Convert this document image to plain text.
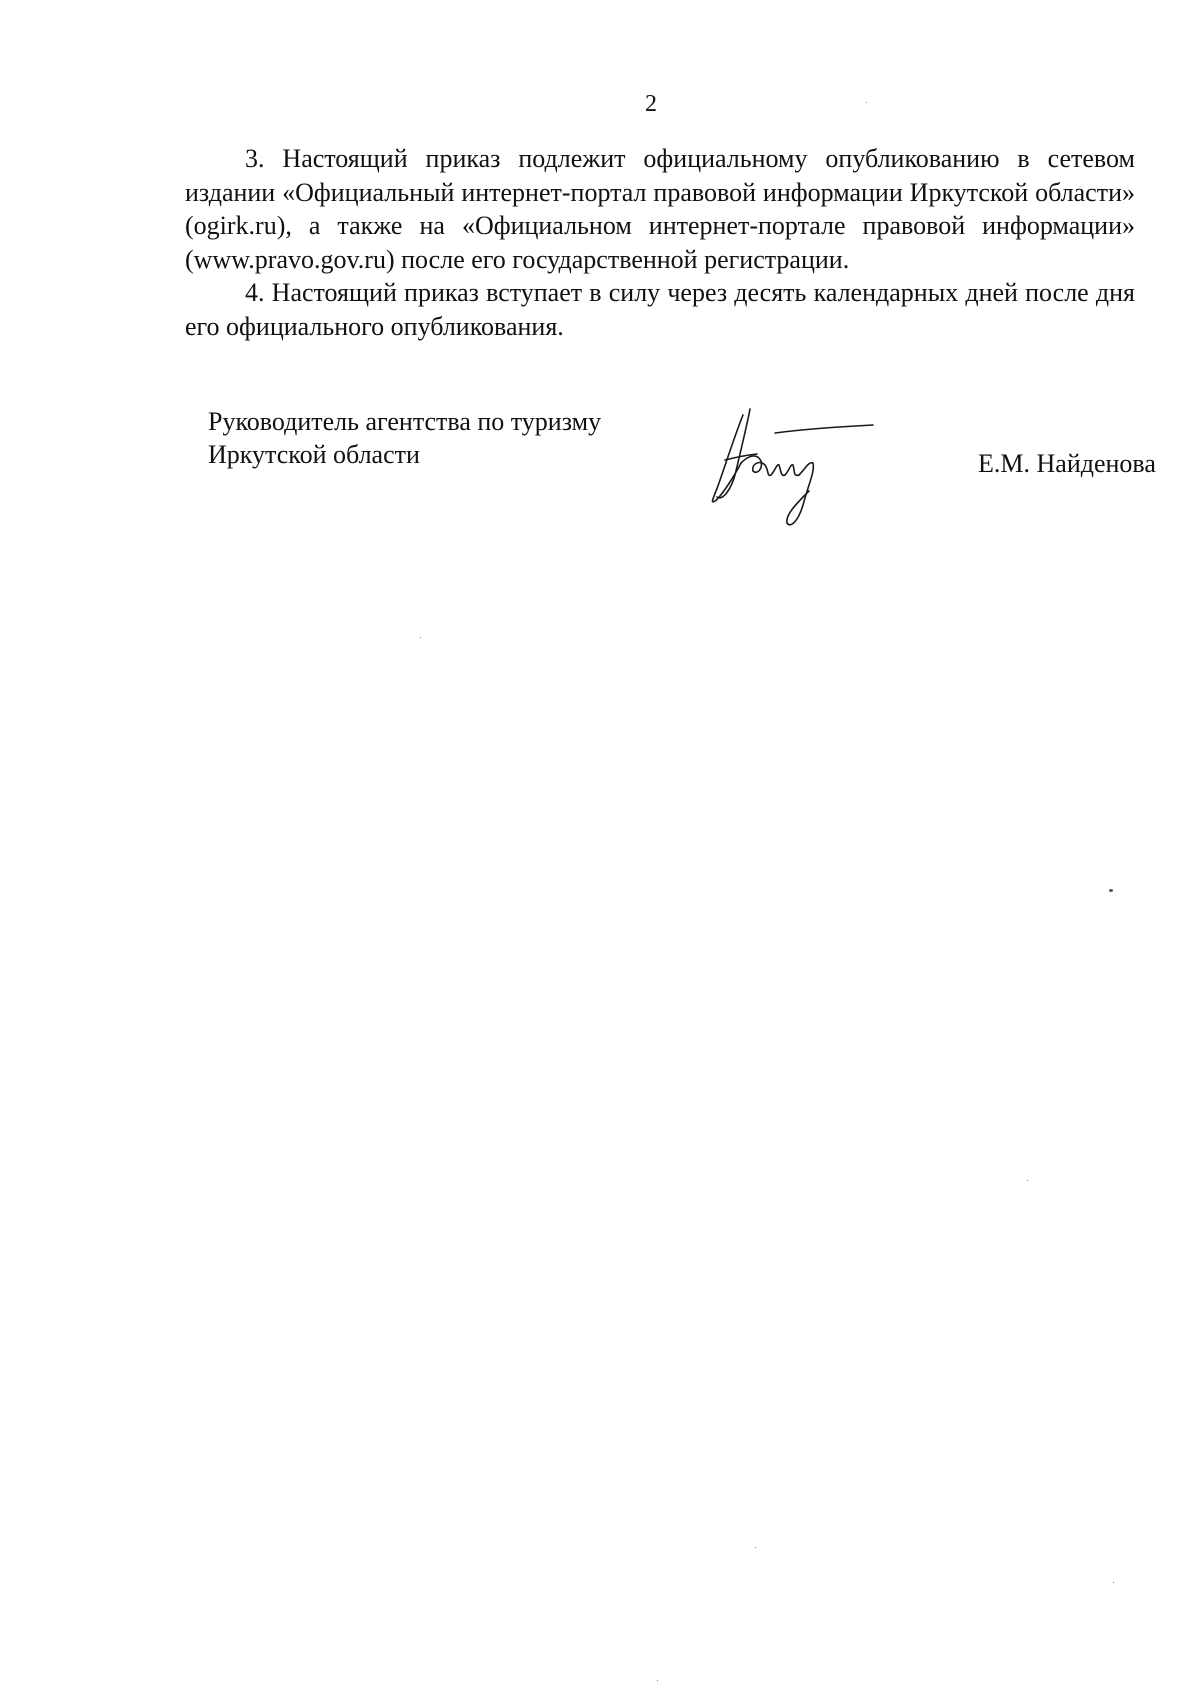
2

3. Настоящий приказ подлежит официальному опубликованию в сетевом издании «Официальный интернет-портал правовой информации Иркутской области» (ogirk.ru), а также на «Официальном интернет-портале правовой информации» (www.pravo.gov.ru) после его государственной регистрации.

4. Настоящий приказ вступает в силу через десять календарных дней после дня его официального опубликования.

Руководитель агентства по туризму
Иркутской области	Е.М. Найденова
